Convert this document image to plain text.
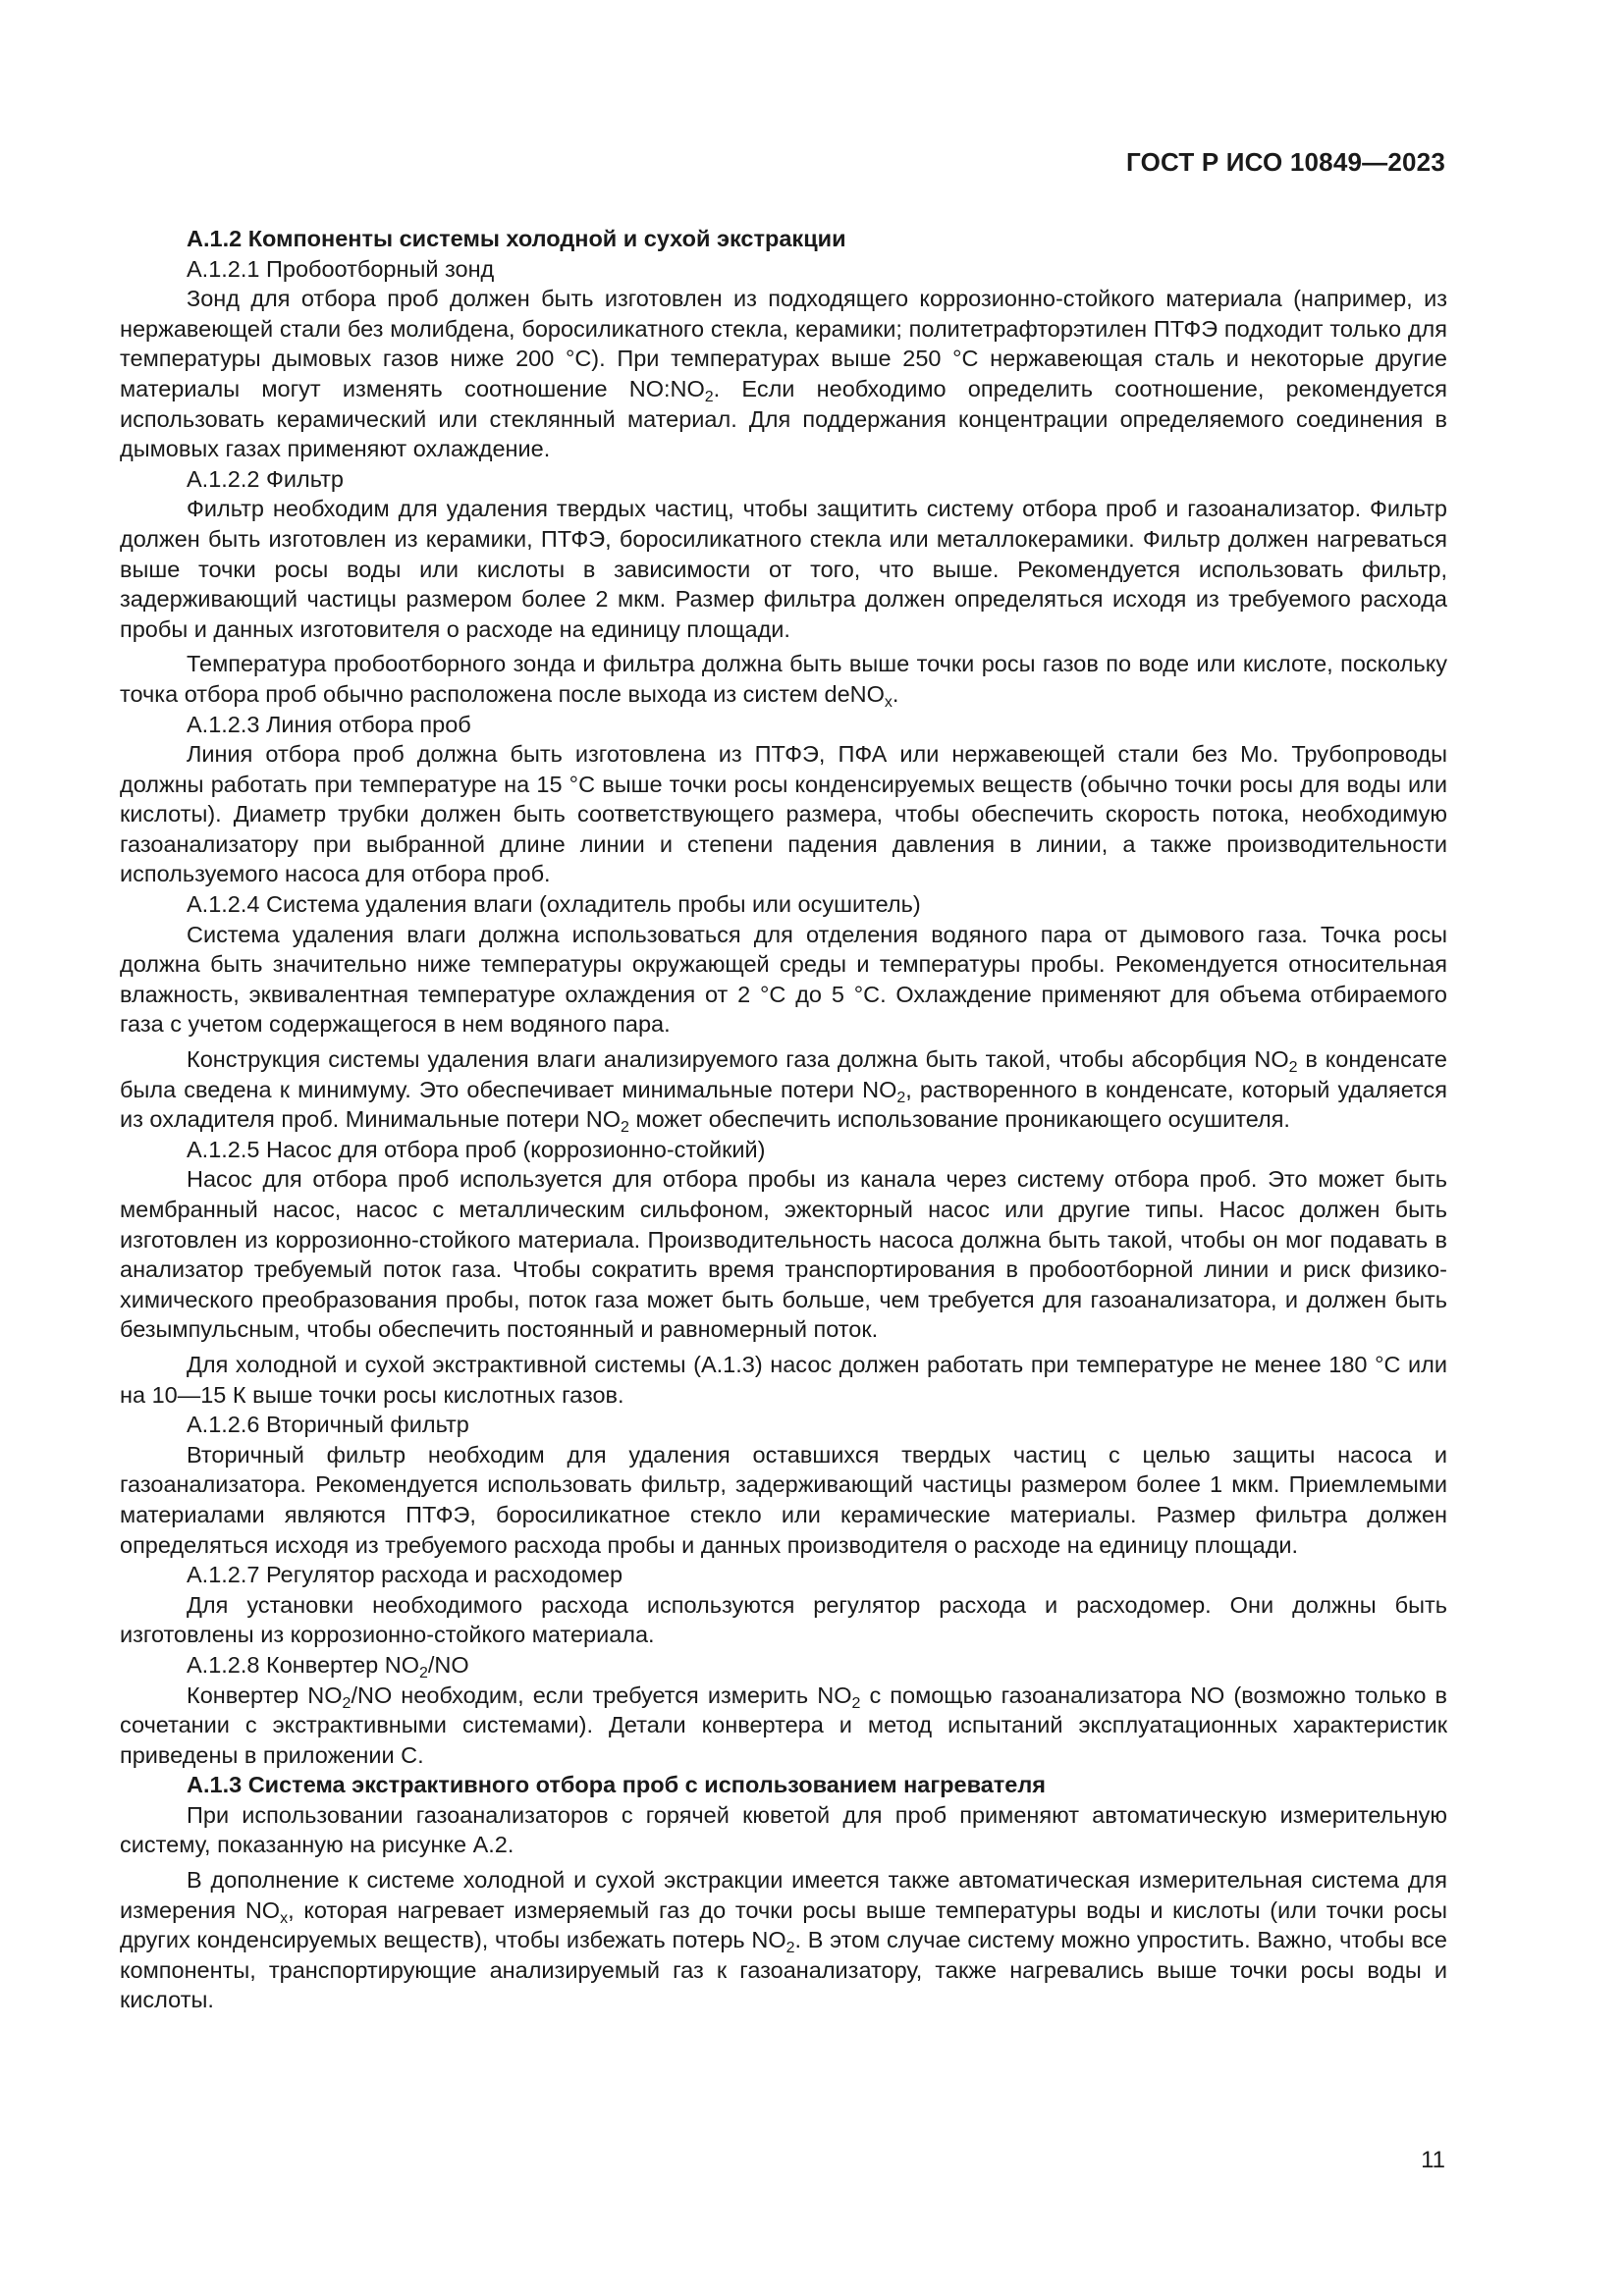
ГОСТ Р ИСО 10849—2023

А.1.2 Компоненты системы холодной и сухой экстракции

А.1.2.1 Пробоотборный зонд

Зонд для отбора проб должен быть изготовлен из подходящего коррозионно-стойкого материала (например, из нержавеющей стали без молибдена, боросиликатного стекла, керамики; политетрафторэтилен ПТФЭ подходит только для температуры дымовых газов ниже 200 °С). При температурах выше 250 °С нержавеющая сталь и некоторые другие материалы могут изменять соотношение $NO:NO_2$. Если необходимо определить соотношение, рекомендуется использовать керамический или стеклянный материал. Для поддержания концентрации определяемого соединения в дымовых газах применяют охлаждение.

А.1.2.2 Фильтр

Фильтр необходим для удаления твердых частиц, чтобы защитить систему отбора проб и газоанализатор. Фильтр должен быть изготовлен из керамики, ПТФЭ, боросиликатного стекла или металлокерамики. Фильтр должен нагреваться выше точки росы воды или кислоты в зависимости от того, что выше. Рекомендуется использовать фильтр, задерживающий частицы размером более 2 мкм. Размер фильтра должен определяться исходя из требуемого расхода пробы и данных изготовителя о расходе на единицу площади.

Температура пробоотборного зонда и фильтра должна быть выше точки росы газов по воде или кислоте, поскольку точка отбора проб обычно расположена после выхода из систем deNO$_x$.

А.1.2.3 Линия отбора проб

Линия отбора проб должна быть изготовлена из ПТФЭ, ПФА или нержавеющей стали без Mo. Трубопроводы должны работать при температуре на 15 °С выше точки росы конденсируемых веществ (обычно точки росы для воды или кислоты). Диаметр трубки должен быть соответствующего размера, чтобы обеспечить скорость потока, необходимую газоанализатору при выбранной длине линии и степени падения давления в линии, а также производительности используемого насоса для отбора проб.

А.1.2.4 Система удаления влаги (охладитель пробы или осушитель)

Система удаления влаги должна использоваться для отделения водяного пара от дымового газа. Точка росы должна быть значительно ниже температуры окружающей среды и температуры пробы. Рекомендуется относительная влажность, эквивалентная температуре охлаждения от 2 °С до 5 °С. Охлаждение применяют для объема отбираемого газа с учетом содержащегося в нем водяного пара.

Конструкция системы удаления влаги анализируемого газа должна быть такой, чтобы абсорбция $NO_2$ в конденсате была сведена к минимуму. Это обеспечивает минимальные потери $NO_2$, растворенного в конденсате, который удаляется из охладителя проб. Минимальные потери $NO_2$ может обеспечить использование проникающего осушителя.

А.1.2.5 Насос для отбора проб (коррозионно-стойкий)

Насос для отбора проб используется для отбора пробы из канала через систему отбора проб. Это может быть мембранный насос, насос с металлическим сильфоном, эжекторный насос или другие типы. Насос должен быть изготовлен из коррозионно-стойкого материала. Производительность насоса должна быть такой, чтобы он мог подавать в анализатор требуемый поток газа. Чтобы сократить время транспортирования в пробоотборной линии и риск физико-химического преобразования пробы, поток газа может быть больше, чем требуется для газоанализатора, и должен быть безымпульсным, чтобы обеспечить постоянный и равномерный поток.

Для холодной и сухой экстрактивной системы (А.1.3) насос должен работать при температуре не менее 180 °С или на 10—15 К выше точки росы кислотных газов.

А.1.2.6 Вторичный фильтр

Вторичный фильтр необходим для удаления оставшихся твердых частиц с целью защиты насоса и газоанализатора. Рекомендуется использовать фильтр, задерживающий частицы размером более 1 мкм. Приемлемыми материалами являются ПТФЭ, боросиликатное стекло или керамические материалы. Размер фильтра должен определяться исходя из требуемого расхода пробы и данных производителя о расходе на единицу площади.

А.1.2.7 Регулятор расхода и расходомер

Для установки необходимого расхода используются регулятор расхода и расходомер. Они должны быть изготовлены из коррозионно-стойкого материала.

А.1.2.8 Конвертер $NO_2/NO$

Конвертер $NO_2/NO$ необходим, если требуется измерить $NO_2$ с помощью газоанализатора NO (возможно только в сочетании с экстрактивными системами). Детали конвертера и метод испытаний эксплуатационных характеристик приведены в приложении С.

А.1.3 Система экстрактивного отбора проб с использованием нагревателя

При использовании газоанализаторов с горячей кюветой для проб применяют автоматическую измерительную систему, показанную на рисунке А.2.

В дополнение к системе холодной и сухой экстракции имеется также автоматическая измерительная система для измерения $NO_x$, которая нагревает измеряемый газ до точки росы выше температуры воды и кислоты (или точки росы других конденсируемых веществ), чтобы избежать потерь $NO_2$. В этом случае систему можно упростить. Важно, чтобы все компоненты, транспортирующие анализируемый газ к газоанализатору, также нагревались выше точки росы воды и кислоты.

11
